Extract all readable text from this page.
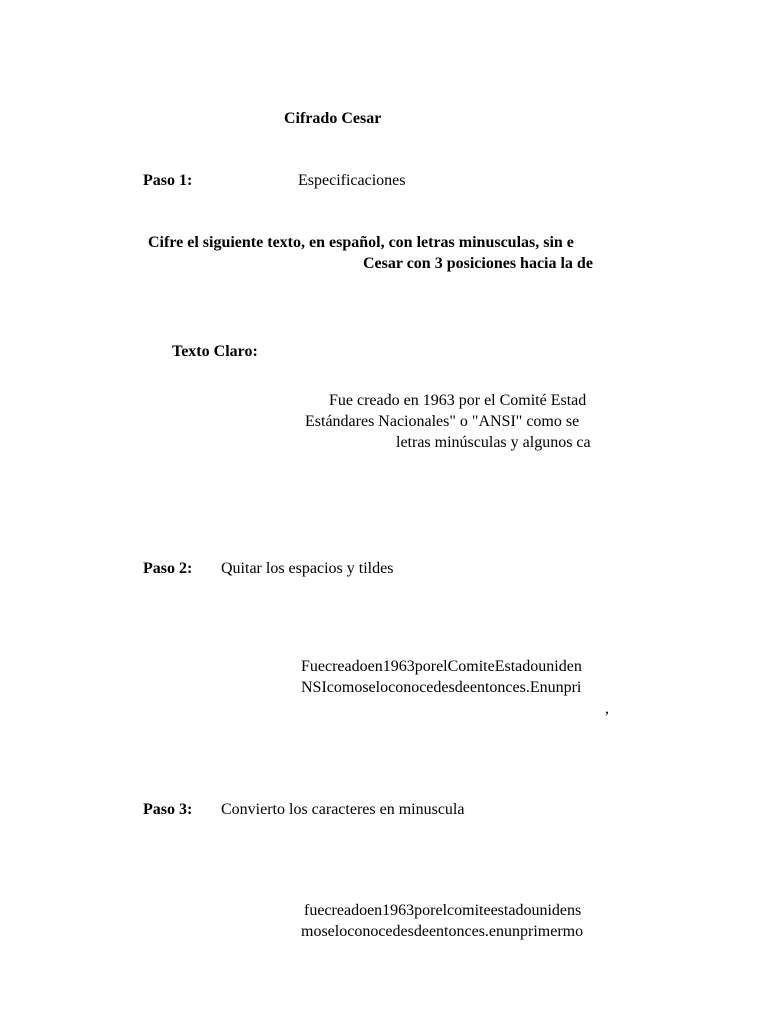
Cifrado Cesar
Paso 1:	Especificaciones
Cifre el siguiente texto, en español, con letras minusculas, sin e
Cesar con 3 posiciones hacia la de
Texto Claro:
Fue creado en 1963 por el Comité Estad
Estándares Nacionales" o "ANSI" como se
letras minúsculas y algunos ca
Paso 2: Quitar los espacios y tildes
Fuecreadoen1963porelComiteEstadouniden
NSIcomoseloconocedesdeentonces.Enunpri
,
Paso 3: Convierto los caracteres en minuscula
fuecreadoen1963porelcomiteestadounidens
moseloconocedesdeentonces.enunprimermo
